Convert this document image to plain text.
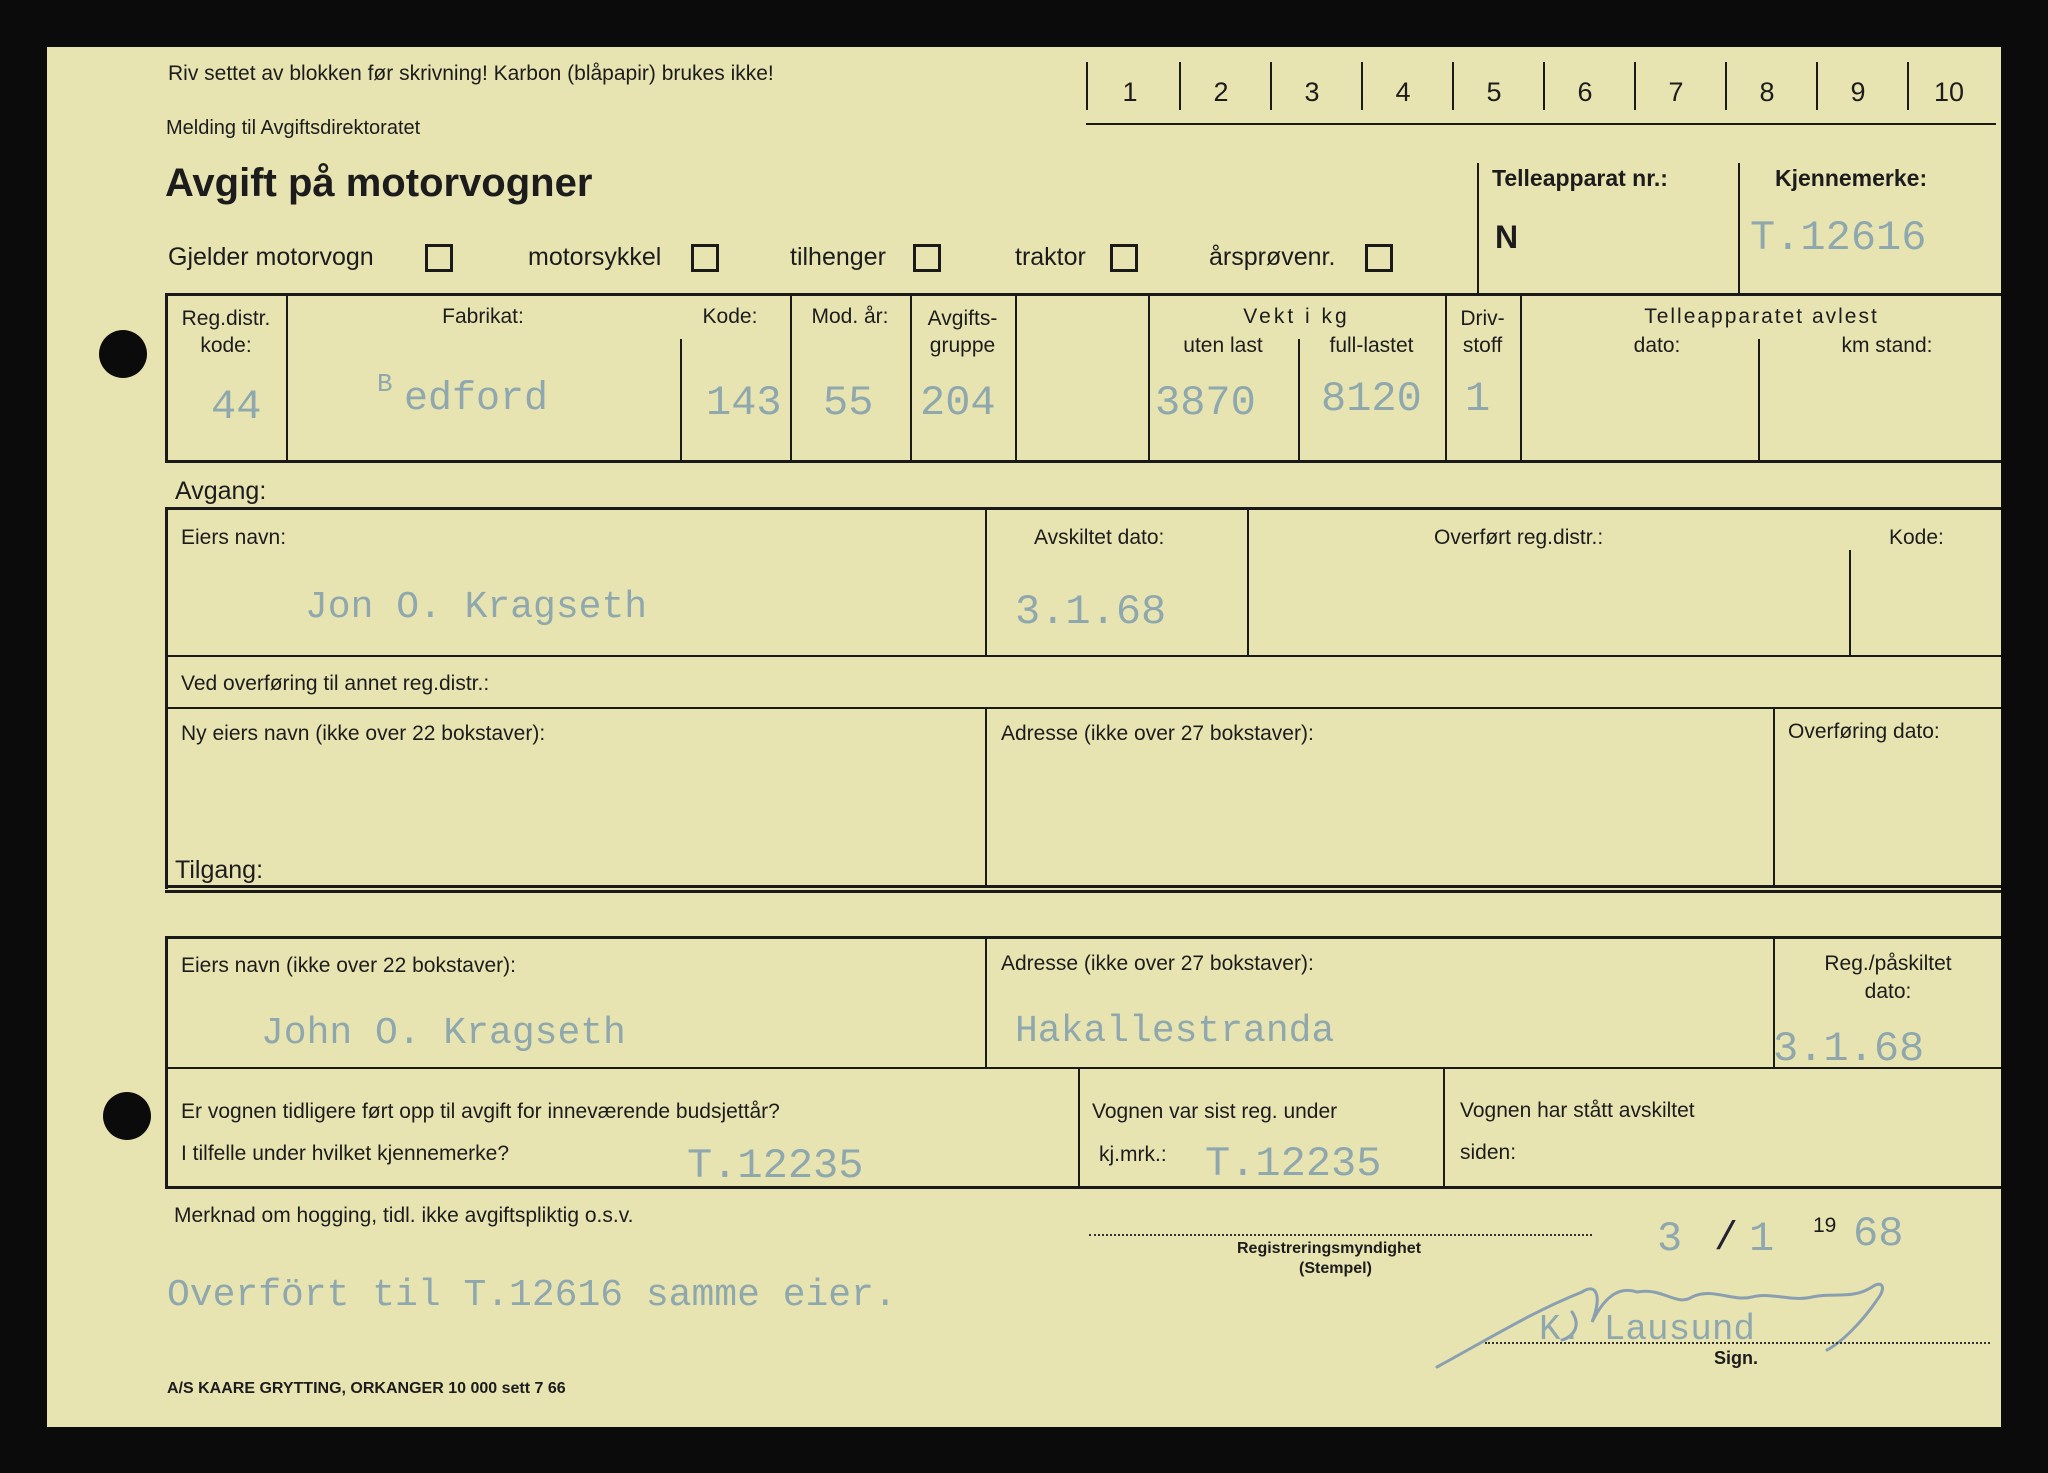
Riv settet av blokken før skrivning! Karbon (blåpapir) brukes ikke!
Melding til Avgiftsdirektoratet
Avgift på motorvogner
1	2	3	4	5	6	7	8	9	10
Telleapparat nr.:
N
Kjennemerke:
T.12616
Gjelder motorvogn	motorsykkel	tilhenger	traktor	årsprøvenr.
Reg.distr.
kode:
44
Fabrikat:
B edford
Kode:
143
Mod. år:
55
Avgifts-
gruppe
204
Vekt i kg
uten last
3870
full-lastet
8120
Driv-
stoff
1
Telleapparatet avlest
dato:	km stand:
Avgang:
Eiers navn:
Jon O. Kragseth
Avskiltet dato:
3.1.68
Overført reg.distr.:	Kode:
Ved overføring til annet reg.distr.:
Ny eiers navn (ikke over 22 bokstaver):	Adresse (ikke over 27 bokstaver):	Overføring dato:
Tilgang:
Eiers navn (ikke over 22 bokstaver):
John O. Kragseth
Adresse (ikke over 27 bokstaver):
Hakallestranda
Reg./påskiltet
dato:
3.1.68
Er vognen tidligere ført opp til avgift for inneværende budsjettår?
I tilfelle under hvilket kjennemerke?	T.12235
Vognen var sist reg. under
kj.mrk.: T.12235
Vognen har stått avskiltet
siden:
Merknad om hogging, tidl. ikke avgiftspliktig o.s.v.
Overfört til T.12616 samme eier.
Registreringsmyndighet
(Stempel)
3 / 1 19 68
K. Lausund
Sign.
A/S KAARE GRYTTING, ORKANGER 10 000 sett 7 66
